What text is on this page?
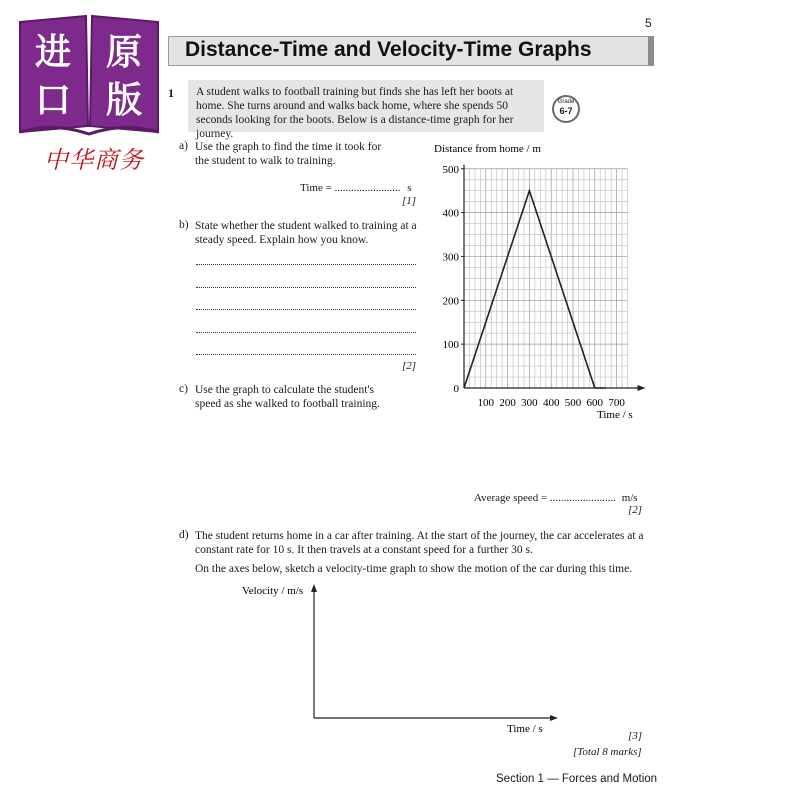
进
口
原
版
中华商务
5
Distance-Time and Velocity-Time Graphs
1 A student walks to football training but finds she has left her boots at home. She turns around and walks back home, where she spends 50 seconds looking for the boots. Below is a distance-time graph for her journey.
Grade
6-7
a) Use the graph to find the time it took for the student to walk to training.
Time = ........................ s
[1]
b) State whether the student walked to training at a steady speed. Explain how you know.
[2]
c) Use the graph to calculate the student's speed as she walked to football training.
Average speed = ........................ m/s
[2]
d) The student returns home in a car after training. At the start of the journey, the car accelerates at a constant rate for 10 s. It then travels at a constant speed for a further 30 s.
On the axes below, sketch a velocity-time graph to show the motion of the car during this time.
[3]
[Total 8 marks]
Distance from home / m
100 200 300 400 500 600 700
100
200
300
400
500
0
Time / s
Velocity / m/s
Time / s
Section 1 — Forces and Motion
